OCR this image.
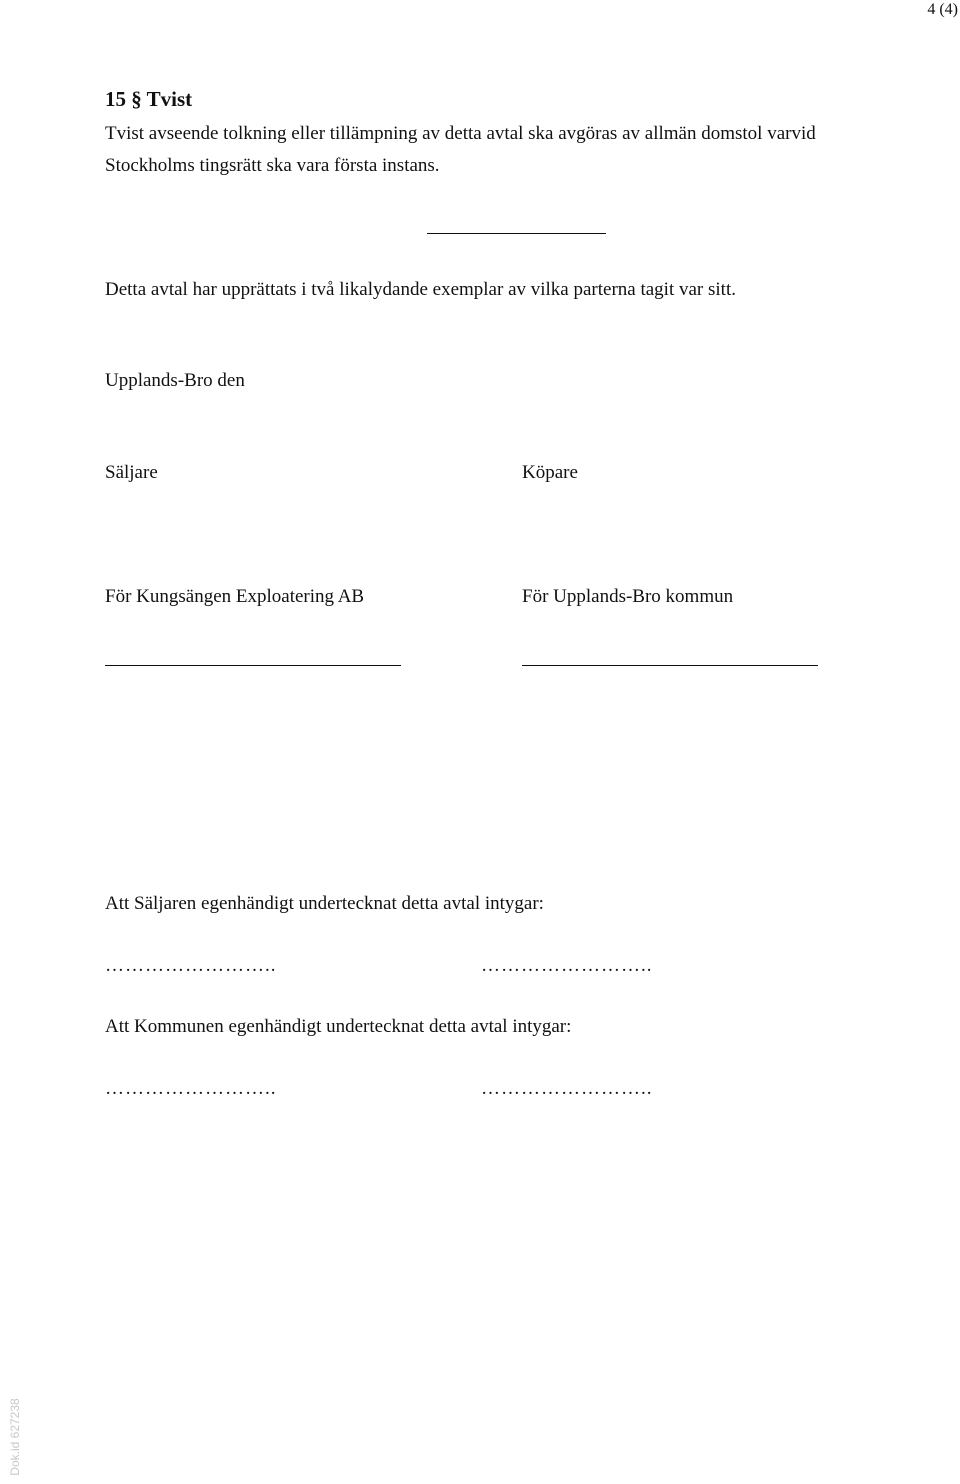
4 (4)
15 § Tvist
Tvist avseende tolkning eller tillämpning av detta avtal ska avgöras av allmän domstol varvid
Stockholms tingsrätt ska vara första instans.
Detta avtal har upprättats i två likalydande exemplar av vilka parterna tagit var sitt.
Upplands-Bro den
Säljare	Köpare
För Kungsängen Exploatering AB	För Upplands-Bro kommun
Att Säljaren egenhändigt undertecknat detta avtal intygar:
……………………..	……………………..
Att Kommunen egenhändigt undertecknat detta avtal intygar:
……………………..	……………………..
Dok.id 627238
